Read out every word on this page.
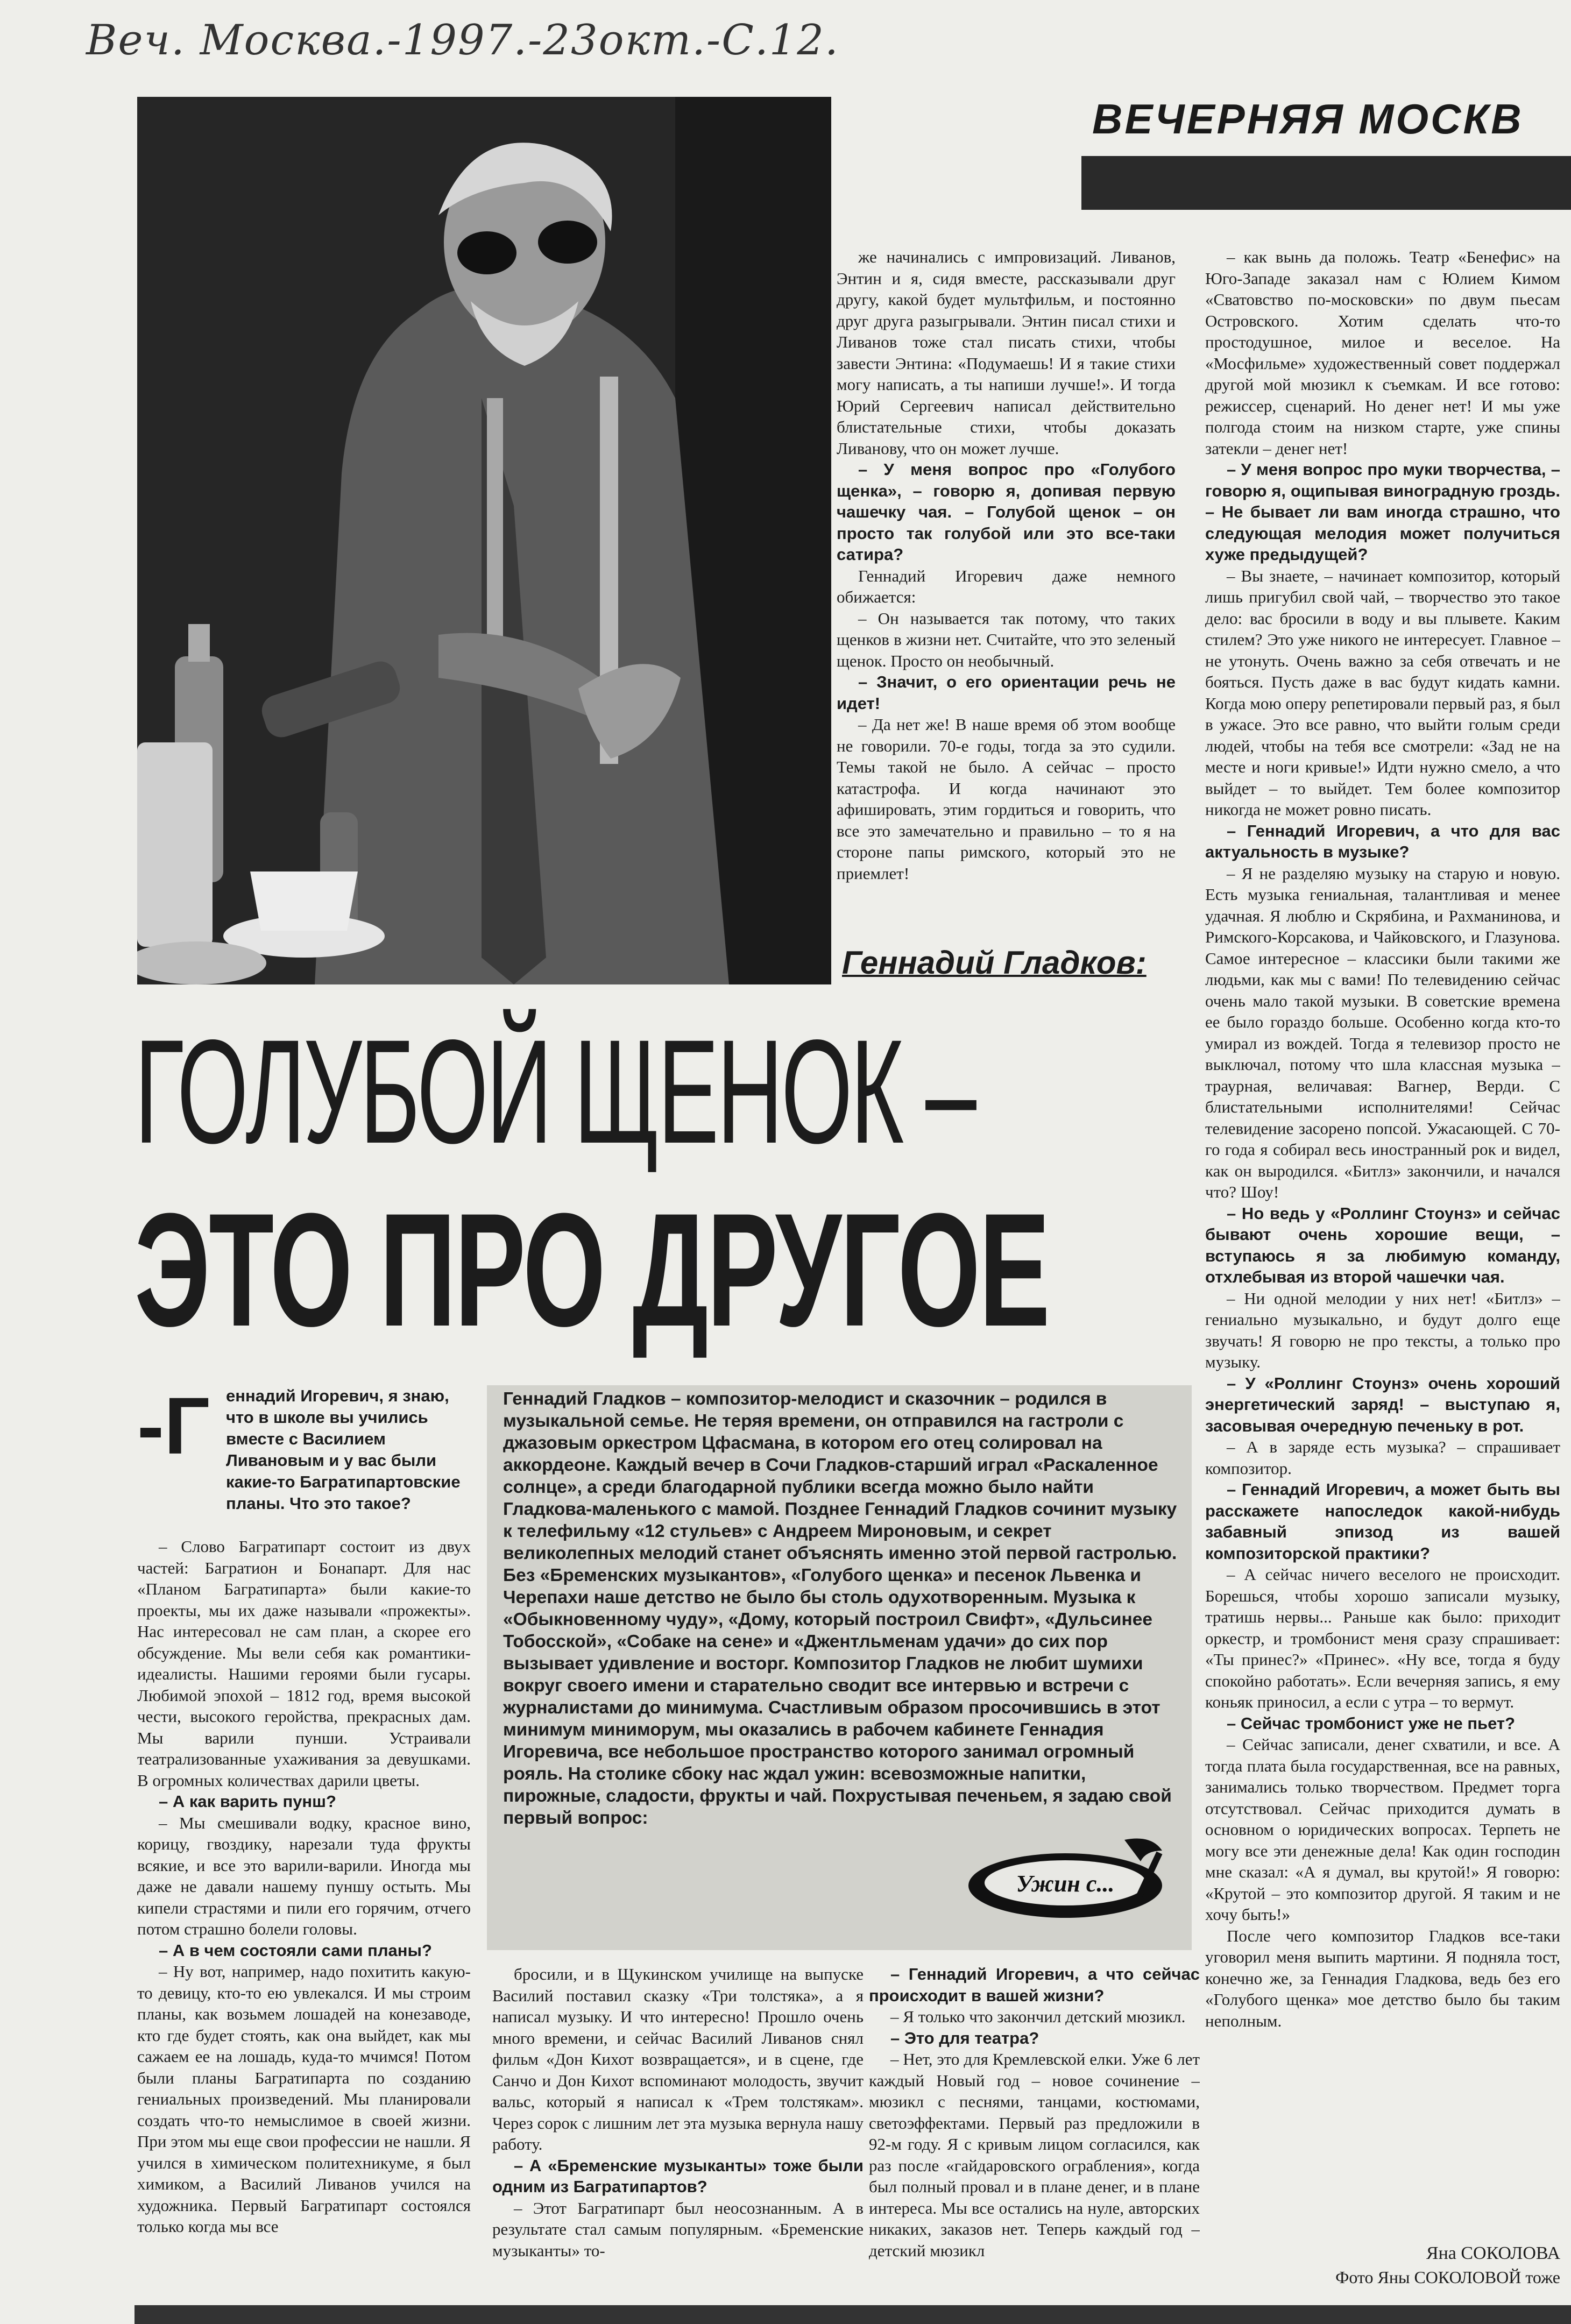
Веч. Москва.-1997.-23окт.-С.12.
ВЕЧЕРНЯЯ МОСКВ

же начинались с импровизаций. Ливанов, Энтин и я, сидя вместе, рассказывали друг другу, какой будет мультфильм, и постоянно друг друга разыгрывали. Энтин писал стихи и Ливанов тоже стал писать стихи, чтобы завести Энтина: «Подумаешь! И я такие стихи могу написать, а ты напиши лучше!». И тогда Юрий Сергеевич написал действительно блистательные стихи, чтобы доказать Ливанову, что он может лучше.

– У меня вопрос про «Голубого щенка», – говорю я, допивая первую чашечку чая. – Голубой щенок – он просто так голубой или это все-таки сатира?

Геннадий Игоревич даже немного обижается:

– Он называется так потому, что таких щенков в жизни нет. Считайте, что это зеленый щенок. Просто он необычный.

– Значит, о его ориентации речь не идет!

– Да нет же! В наше время об этом вообще не говорили. 70-е годы, тогда за это судили. Темы такой не было. А сейчас – просто катастрофа. И когда начинают это афишировать, этим гордиться и говорить, что все это замечательно и правильно – то я на стороне папы римского, который это не приемлет!

Геннадий Гладков:
ГОЛУБОЙ ЩЕНОК –
ЭТО ПРО ДРУГОЕ

– как вынь да положь. Театр «Бенефис» на Юго-Западе заказал нам с Юлием Кимом «Сватовство по-московски» по двум пьесам Островского. Хотим сделать что-то простодушное, милое и веселое. На «Мосфильме» художественный совет поддержал другой мой мюзикл к съемкам. И все готово: режиссер, сценарий. Но денег нет! И мы уже полгода стоим на низком старте, уже спины затекли – денег нет!

– У меня вопрос про муки творчества, – говорю я, ощипывая виноградную гроздь. – Не бывает ли вам иногда страшно, что следующая мелодия может получиться хуже предыдущей?

– Вы знаете, – начинает композитор, который лишь пригубил свой чай, – творчество это такое дело: вас бросили в воду и вы плывете. Каким стилем? Это уже никого не интересует. Главное – не утонуть. Очень важно за себя отвечать и не бояться. Пусть даже в вас будут кидать камни. Когда мою оперу репетировали первый раз, я был в ужасе. Это все равно, что выйти голым среди людей, чтобы на тебя все смотрели: «Зад не на месте и ноги кривые!» Идти нужно смело, а что выйдет – то выйдет. Тем более композитор никогда не может ровно писать.

– Геннадий Игоревич, а что для вас актуальность в музыке?

– Я не разделяю музыку на старую и новую. Есть музыка гениальная, талантливая и менее удачная. Я люблю и Скрябина, и Рахманинова, и Римского-Корсакова, и Чайковского, и Глазунова. Самое интересное – классики были такими же людьми, как мы с вами! По телевидению сейчас очень мало такой музыки. В советские времена ее было гораздо больше. Особенно когда кто-то умирал из вождей. Тогда я телевизор просто не выключал, потому что шла классная музыка – траурная, величавая: Вагнер, Верди. С блистательными исполнителями! Сейчас телевидение засорено попсой. Ужасающей. С 70-го года я собирал весь иностранный рок и видел, как он выродился. «Битлз» закончили, и начался что? Шоу!

– Но ведь у «Роллинг Стоунз» и сейчас бывают очень хорошие вещи, – вступаюсь я за любимую команду, отхлебывая из второй чашечки чая.

– Ни одной мелодии у них нет! «Битлз» – гениально музыкально, и будут долго еще звучать! Я говорю не про тексты, а только про музыку.

– У «Роллинг Стоунз» очень хороший энергетический заряд! – выступаю я, засовывая очередную печеньку в рот.

– А в заряде есть музыка? – спрашивает композитор.

– Геннадий Игоревич, а может быть вы расскажете напоследок какой-нибудь забавный эпизод из вашей композиторской практики?

– А сейчас ничего веселого не происходит. Борешься, чтобы хорошо записали музыку, тратишь нервы... Раньше как было: приходит оркестр, и тромбонист меня сразу спрашивает: «Ты принес?» «Принес». «Ну все, тогда я буду спокойно работать». Если вечерняя запись, я ему коньяк приносил, а если с утра – то вермут.

– Сейчас тромбонист уже не пьет?

– Сейчас записали, денег схватили, и все. А тогда плата была государственная, все на равных, занимались только творчеством. Предмет торга отсутствовал. Сейчас приходится думать в основном о юридических вопросах. Терпеть не могу все эти денежные дела! Как один господин мне сказал: «А я думал, вы крутой!» Я говорю: «Крутой – это композитор другой. Я таким и не хочу быть!»

После чего композитор Гладков все-таки уговорил меня выпить мартини. Я подняла тост, конечно же, за Геннадия Гладкова, ведь без его «Голубого щенка» мое детство было бы таким неполным.

-Г еннадий Игоревич, я знаю, что в школе вы учились вместе с Василием Ливановым и у вас были какие-то Багратипартовские планы. Что это такое?
Геннадий Гладков – композитор-мелодист и сказочник – родился в музыкальной семье. Не теряя времени, он отправился на гастроли с джазовым оркестром Цфасмана, в котором его отец солировал на аккордеоне. Каждый вечер в Сочи Гладков-старший играл «Раскаленное солнце», а среди благодарной публики всегда можно было найти Гладкова-маленького с мамой. Позднее Геннадий Гладков сочинит музыку к телефильму «12 стульев» с Андреем Мироновым, и секрет великолепных мелодий станет объяснять именно этой первой гастролью. Без «Бременских музыкантов», «Голубого щенка» и песенок Львенка и Черепахи наше детство не было бы столь одухотворенным. Музыка к «Обыкновенному чуду», «Дому, который построил Свифт», «Дульсинее Тобосской», «Собаке на сене» и «Джентльменам удачи» до сих пор вызывает удивление и восторг. Композитор Гладков не любит шумихи вокруг своего имени и старательно сводит все интервью и встречи с журналистами до минимума. Счастливым образом просочившись в этот минимум миниморум, мы оказались в рабочем кабинете Геннадия Игоревича, все небольшое пространство которого занимал огромный рояль. На столике сбоку нас ждал ужин: всевозможные напитки, пирожные, сладости, фрукты и чай. Похрустывая печеньем, я задаю свой первый вопрос:
Ужин с...

– Слово Багратипарт состоит из двух частей: Багратион и Бонапарт. Для нас «Планом Багратипарта» были какие-то проекты, мы их даже называли «прожекты». Нас интересовал не сам план, а скорее его обсуждение. Мы вели себя как романтики-идеалисты. Нашими героями были гусары. Любимой эпохой – 1812 год, время высокой чести, высокого геройства, прекрасных дам. Мы варили пунши. Устраивали театрализованные ухаживания за девушками. В огромных количествах дарили цветы.

– А как варить пунш?

– Мы смешивали водку, красное вино, корицу, гвоздику, нарезали туда фрукты всякие, и все это варили-варили. Иногда мы даже не давали нашему пуншу остыть. Мы кипели страстями и пили его горячим, отчего потом страшно болели головы.

– А в чем состояли сами планы?

– Ну вот, например, надо похитить какую-то девицу, кто-то ею увлекался. И мы строим планы, как возьмем лошадей на конезаводе, кто где будет стоять, как она выйдет, как мы сажаем ее на лошадь, куда-то мчимся! Потом были планы Багратипарта по созданию гениальных произведений. Мы планировали создать что-то немыслимое в своей жизни. При этом мы еще свои профессии не нашли. Я учился в химическом политехникуме, я был химиком, а Василий Ливанов учился на художника. Первый Багратипарт состоялся только когда мы все

бросили, и в Щукинском училище на выпуске Василий поставил сказку «Три толстяка», а я написал музыку. И что интересно! Прошло очень много времени, и сейчас Василий Ливанов снял фильм «Дон Кихот возвращается», и в сцене, где Санчо и Дон Кихот вспоминают молодость, звучит вальс, который я написал к «Трем толстякам». Через сорок с лишним лет эта музыка вернула нашу работу.

– А «Бременские музыканты» тоже были одним из Багратипартов?

– Этот Багратипарт был неосознанным. А в результате стал самым популярным. «Бременские музыканты» то-

– Геннадий Игоревич, а что сейчас происходит в вашей жизни?

– Я только что закончил детский мюзикл.

– Это для театра?

– Нет, это для Кремлевской елки. Уже 6 лет каждый Новый год – новое сочинение – мюзикл с песнями, танцами, костюмами, светоэффектами. Первый раз предложили в 92-м году. Я с кривым лицом согласился, как раз после «гайдаровского ограбления», когда был полный провал и в плане денег, и в плане интереса. Мы все остались на нуле, авторских никаких, заказов нет. Теперь каждый год – детский мюзикл	Яна СОКОЛОВА
Фото Яны СОКОЛОВОЙ тоже
